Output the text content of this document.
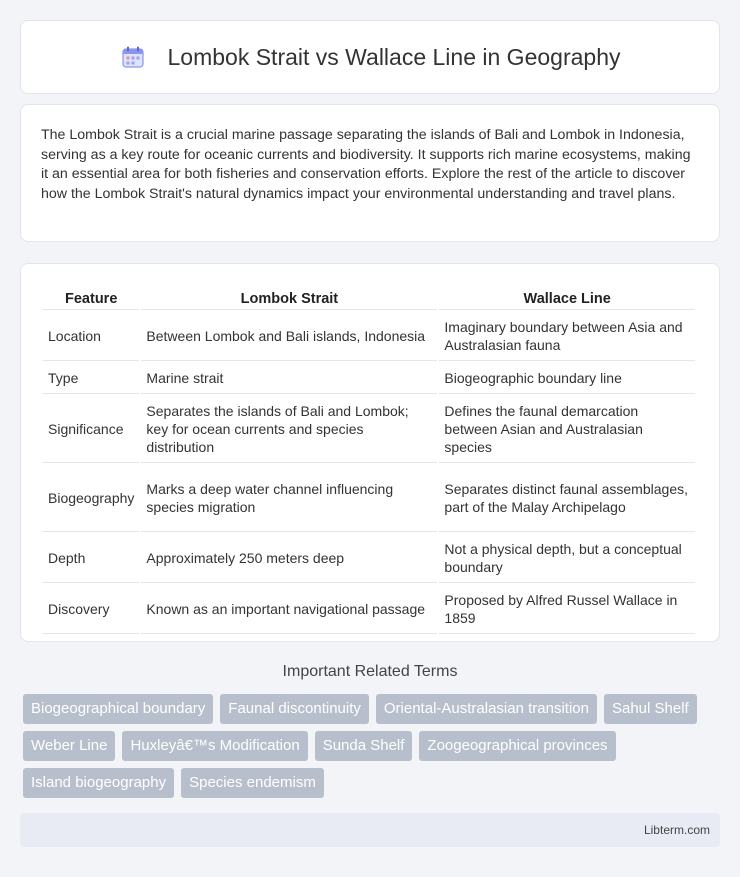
Lombok Strait vs Wallace Line in Geography

The Lombok Strait is a crucial marine passage separating the islands of Bali and Lombok in Indonesia, serving as a key route for oceanic currents and biodiversity. It supports rich marine ecosystems, making it an essential area for both fisheries and conservation efforts. Explore the rest of the article to discover how the Lombok Strait's natural dynamics impact your environmental understanding and travel plans.

Feature	Lombok Strait	Wallace Line
Location	Between Lombok and Bali islands, Indonesia	Imaginary boundary between Asia and Australasian fauna
Type	Marine strait	Biogeographic boundary line
Significance	Separates the islands of Bali and Lombok; key for ocean currents and species distribution	Defines the faunal demarcation between Asian and Australasian species
Biogeography	Marks a deep water channel influencing species migration	Separates distinct faunal assemblages, part of the Malay Archipelago
Depth	Approximately 250 meters deep	Not a physical depth, but a conceptual boundary
Discovery	Known as an important navigational passage	Proposed by Alfred Russel Wallace in 1859
Important Related Terms
Biogeographical boundary	Faunal discontinuity	Oriental-Australasian transition	Sahul Shelf
Weber Line	Huxleyâ€™s Modification	Sunda Shelf	Zoogeographical provinces
Island biogeography	Species endemism
Libterm.com
